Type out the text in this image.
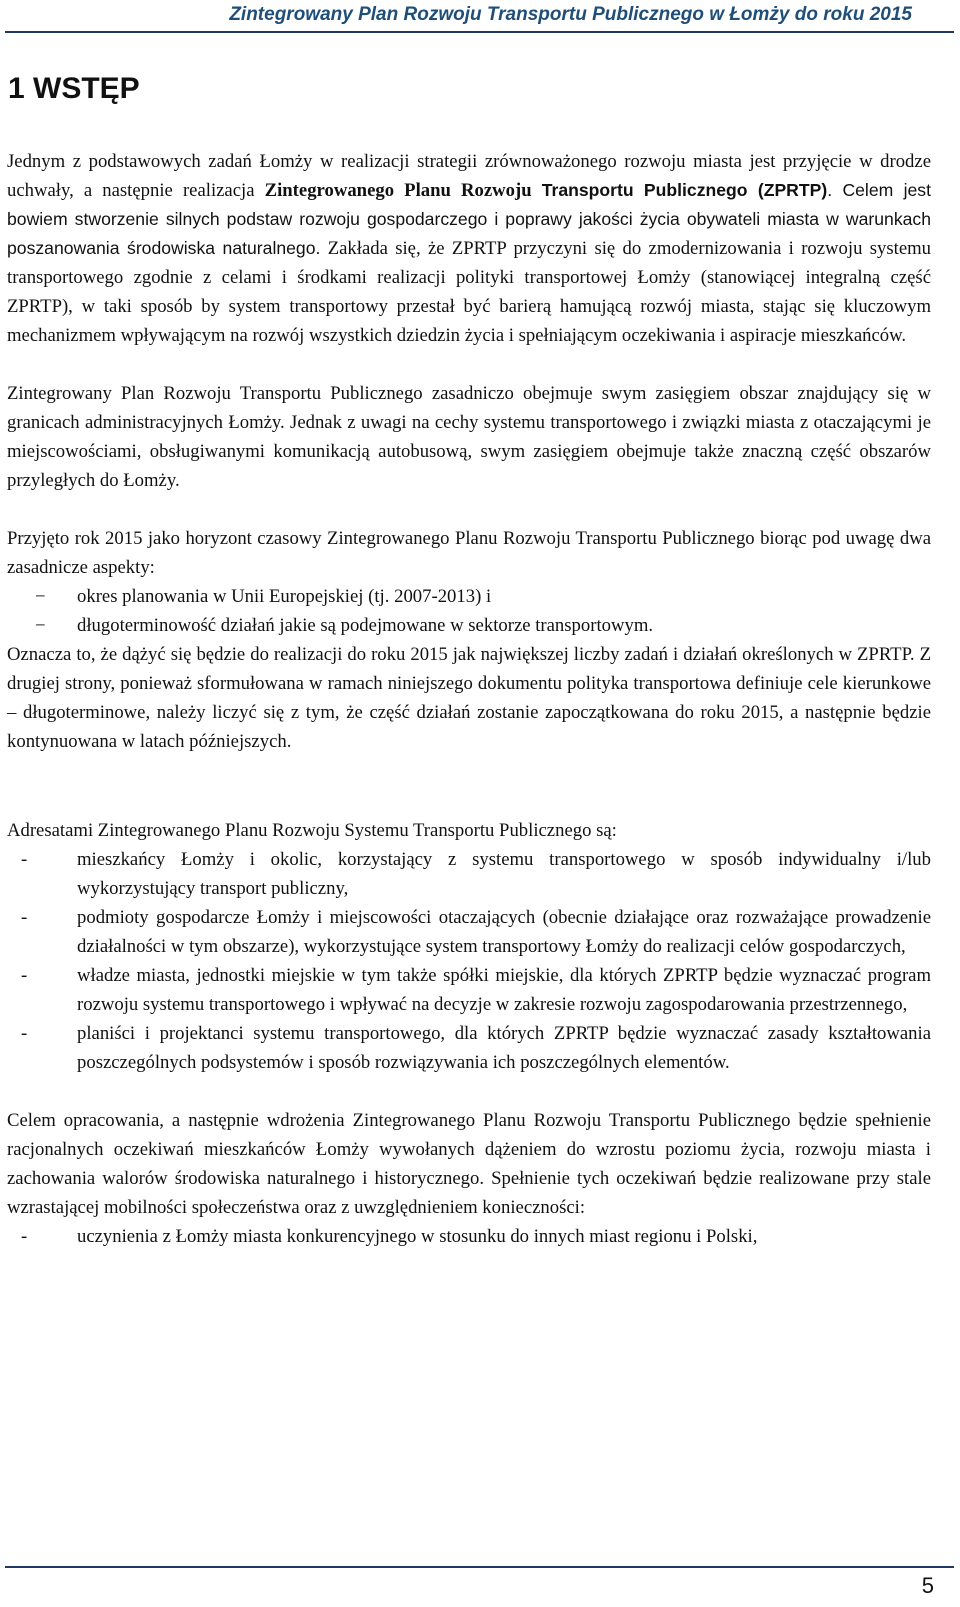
Zintegrowany Plan Rozwoju Transportu Publicznego w Łomży do roku 2015
1 WSTĘP

Jednym z podstawowych zadań Łomży w realizacji strategii zrównoważonego rozwoju miasta jest przyjęcie w drodze uchwały, a następnie realizacja Zintegrowanego Planu Rozwoju Transportu Publicznego (ZPRTP). Celem jest bowiem stworzenie silnych podstaw rozwoju gospodarczego i poprawy jakości życia obywateli miasta w warunkach poszanowania środowiska naturalnego. Zakłada się, że ZPRTP przyczyni się do zmodernizowania i rozwoju systemu transportowego zgodnie z celami i środkami realizacji polityki transportowej Łomży (stanowiącej integralną część ZPRTP), w taki sposób by system transportowy przestał być barierą hamującą rozwój miasta, stając się kluczowym mechanizmem wpływającym na rozwój wszystkich dziedzin życia i spełniającym oczekiwania i aspiracje mieszkańców.

Zintegrowany Plan Rozwoju Transportu Publicznego zasadniczo obejmuje swym zasięgiem obszar znajdujący się w granicach administracyjnych Łomży. Jednak z uwagi na cechy systemu transportowego i związki miasta z otaczającymi je miejscowościami, obsługiwanymi komunikacją autobusową, swym zasięgiem obejmuje także znaczną część obszarów przyległych do Łomży.

Przyjęto rok 2015 jako horyzont czasowy Zintegrowanego Planu Rozwoju Transportu Publicznego biorąc pod uwagę dwa zasadnicze aspekty:

− okres planowania w Unii Europejskiej (tj. 2007-2013) i
− długoterminowość działań jakie są podejmowane w sektorze transportowym.

Oznacza to, że dążyć się będzie do realizacji do roku 2015 jak największej liczby zadań i działań określonych w ZPRTP. Z drugiej strony, ponieważ sformułowana w ramach niniejszego dokumentu polityka transportowa definiuje cele kierunkowe – długoterminowe, należy liczyć się z tym, że część działań zostanie zapoczątkowana do roku 2015, a następnie będzie kontynuowana w latach późniejszych.

Adresatami Zintegrowanego Planu Rozwoju Systemu Transportu Publicznego są:

-	mieszkańcy Łomży i okolic, korzystający z systemu transportowego w sposób indywidualny i/lub wykorzystujący transport publiczny,
-	podmioty gospodarcze Łomży i miejscowości otaczających (obecnie działające oraz rozważające prowadzenie działalności w tym obszarze), wykorzystujące system transportowy Łomży do realizacji celów gospodarczych,
-	władze miasta, jednostki miejskie w tym także spółki miejskie, dla których ZPRTP będzie wyznaczać program rozwoju systemu transportowego i wpływać na decyzje w zakresie rozwoju zagospodarowania przestrzennego,
-	planiści i projektanci systemu transportowego, dla których ZPRTP będzie wyznaczać zasady kształtowania poszczególnych podsystemów i sposób rozwiązywania ich poszczególnych elementów.

Celem opracowania, a następnie wdrożenia Zintegrowanego Planu Rozwoju Transportu Publicznego będzie spełnienie racjonalnych oczekiwań mieszkańców Łomży wywołanych dążeniem do wzrostu poziomu życia, rozwoju miasta i zachowania walorów środowiska naturalnego i historycznego. Spełnienie tych oczekiwań będzie realizowane przy stale wzrastającej mobilności społeczeństwa oraz z uwzględnieniem konieczności:

-	uczynienia z Łomży miasta konkurencyjnego w stosunku do innych miast regionu i Polski,
5
